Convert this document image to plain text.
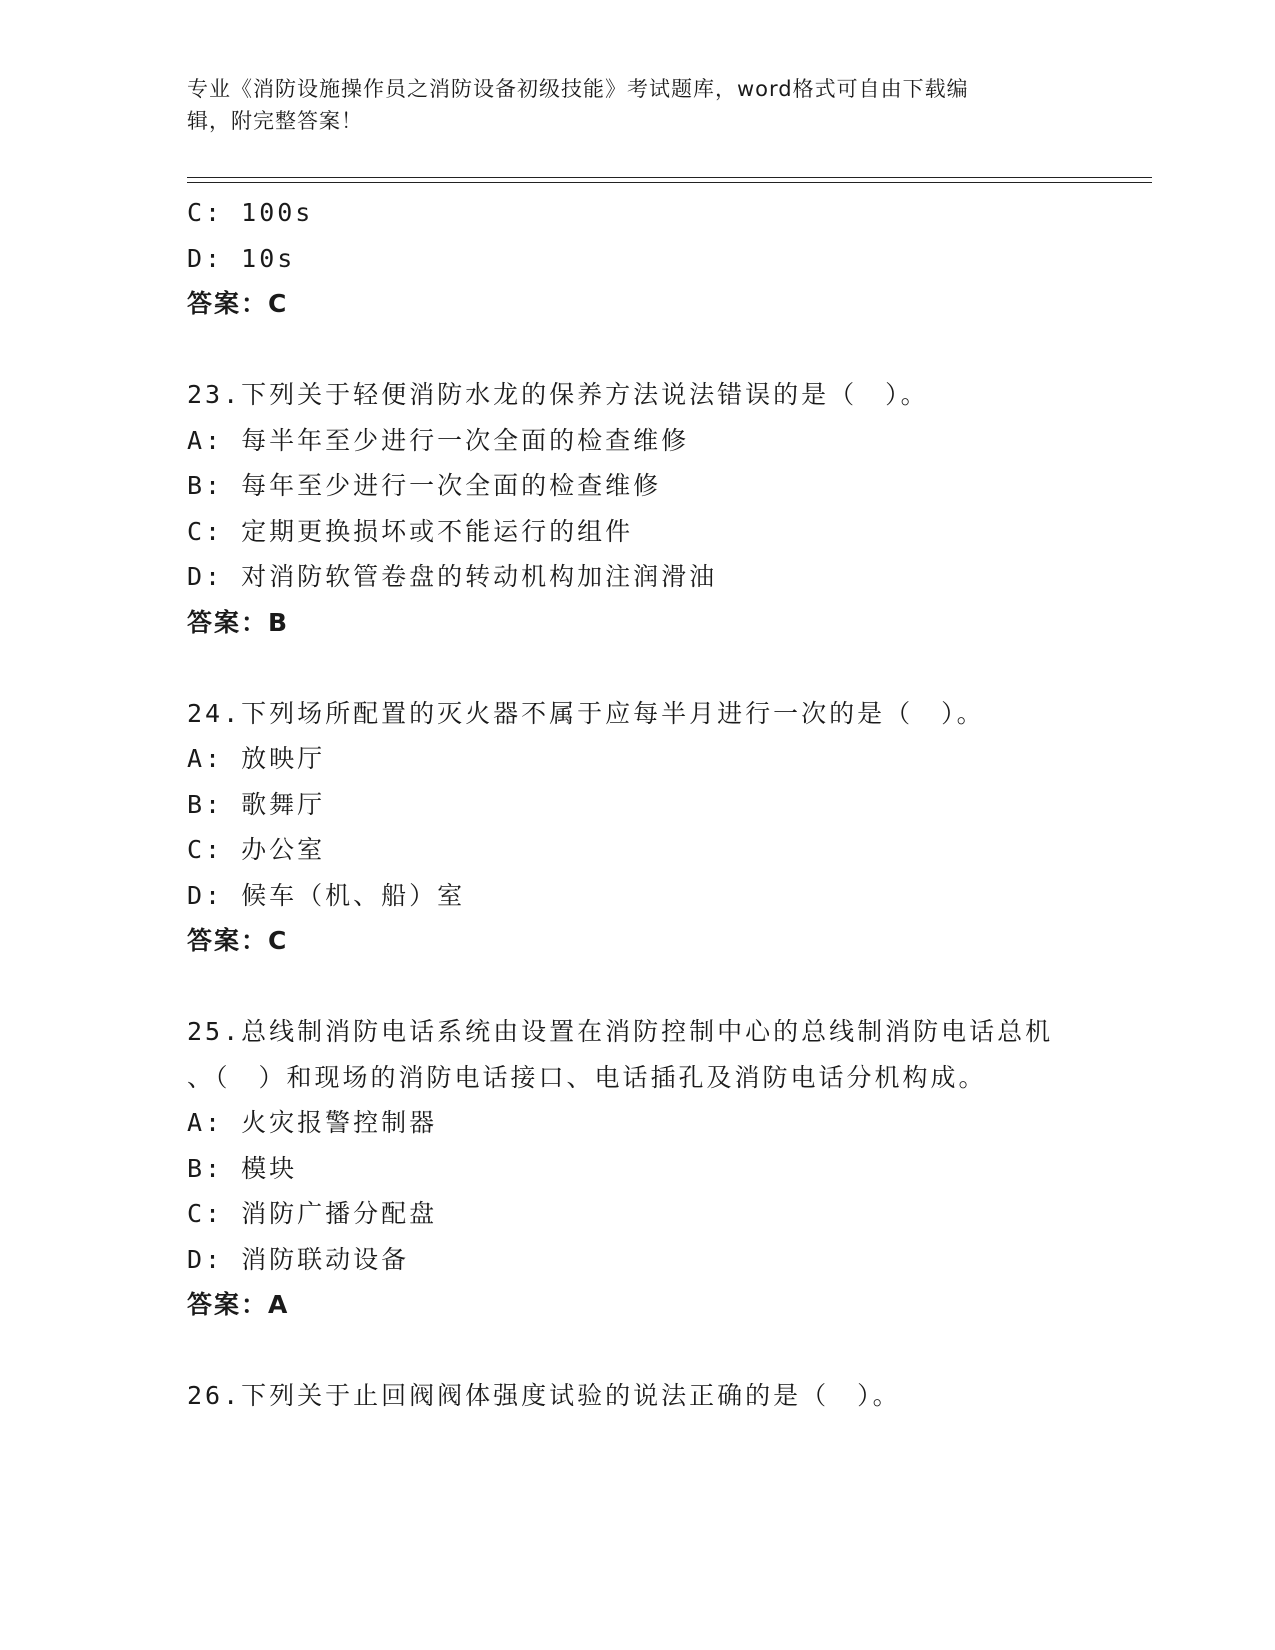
专业《消防设施操作员之消防设备初级技能》考试题库，word格式可自由下载编
辑，附完整答案！
C: 100s
D: 10s
答案：C
23.下列关于轻便消防水龙的保养方法说法错误的是（　）。
A: 每半年至少进行一次全面的检查维修
B: 每年至少进行一次全面的检查维修
C: 定期更换损坏或不能运行的组件
D: 对消防软管卷盘的转动机构加注润滑油
答案：B
24.下列场所配置的灭火器不属于应每半月进行一次的是（　）。
A: 放映厅
B: 歌舞厅
C: 办公室
D: 候车（机、船）室
答案：C
25.总线制消防电话系统由设置在消防控制中心的总线制消防电话总机
、（　）和现场的消防电话接口、电话插孔及消防电话分机构成。
A: 火灾报警控制器
B: 模块
C: 消防广播分配盘
D: 消防联动设备
答案：A
26.下列关于止回阀阀体强度试验的说法正确的是（　）。
